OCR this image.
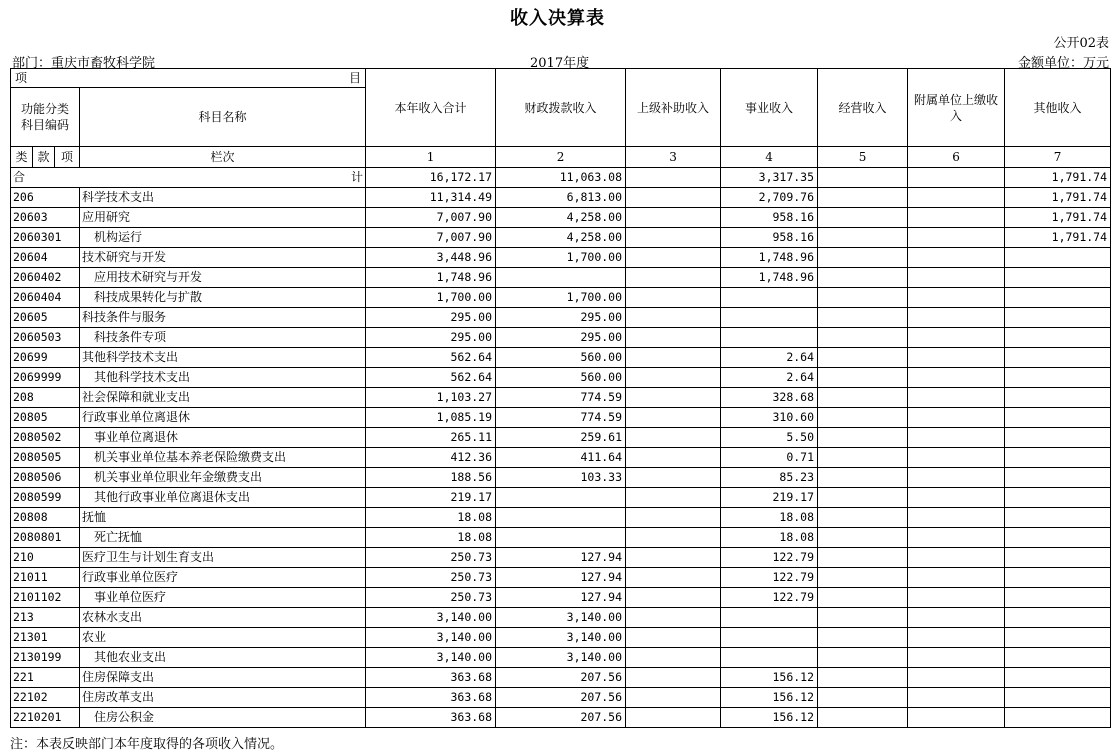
收入决算表
公开02表
部门：重庆市畜牧科学院	2017年度	金额单位：万元
项 目				本年收入合计	财政拨款收入	上级补助收入	事业收入	经营收入	附属单位上缴收入	其他收入
功能分类
科目编码			科目名称							
类	款	项								
			栏次	1	2	3	4	5	6	7

合 计				16,172.17	11,063.08		3,317.35			1,791.74
206			科学技术支出	11,314.49	6,813.00		2,709.76			1,791.74
20603			应用研究	7,007.90	4,258.00		958.16			1,791.74
2060301			机构运行	7,007.90	4,258.00		958.16			1,791.74
20604			技术研究与开发	3,448.96	1,700.00		1,748.96			
2060402			应用技术研究与开发	1,748.96			1,748.96			
2060404			科技成果转化与扩散	1,700.00	1,700.00					
20605			科技条件与服务	295.00	295.00					
2060503			科技条件专项	295.00	295.00					
20699			其他科学技术支出	562.64	560.00		2.64			
2069999			其他科学技术支出	562.64	560.00		2.64			
208			社会保障和就业支出	1,103.27	774.59		328.68			
20805			行政事业单位离退休	1,085.19	774.59		310.60			
2080502			事业单位离退休	265.11	259.61		5.50			
2080505			机关事业单位基本养老保险缴费支出	412.36	411.64		0.71			
2080506			机关事业单位职业年金缴费支出	188.56	103.33		85.23			
2080599			其他行政事业单位离退休支出	219.17			219.17			
20808			抚恤	18.08			18.08			
2080801			死亡抚恤	18.08			18.08			
210			医疗卫生与计划生育支出	250.73	127.94		122.79			
21011			行政事业单位医疗	250.73	127.94		122.79			
2101102			事业单位医疗	250.73	127.94		122.79			
213			农林水支出	3,140.00	3,140.00					
21301			农业	3,140.00	3,140.00					
2130199			其他农业支出	3,140.00	3,140.00					
221			住房保障支出	363.68	207.56		156.12			
22102			住房改革支出	363.68	207.56		156.12			
2210201			住房公积金	363.68	207.56		156.12			
注：本表反映部门本年度取得的各项收入情况。
